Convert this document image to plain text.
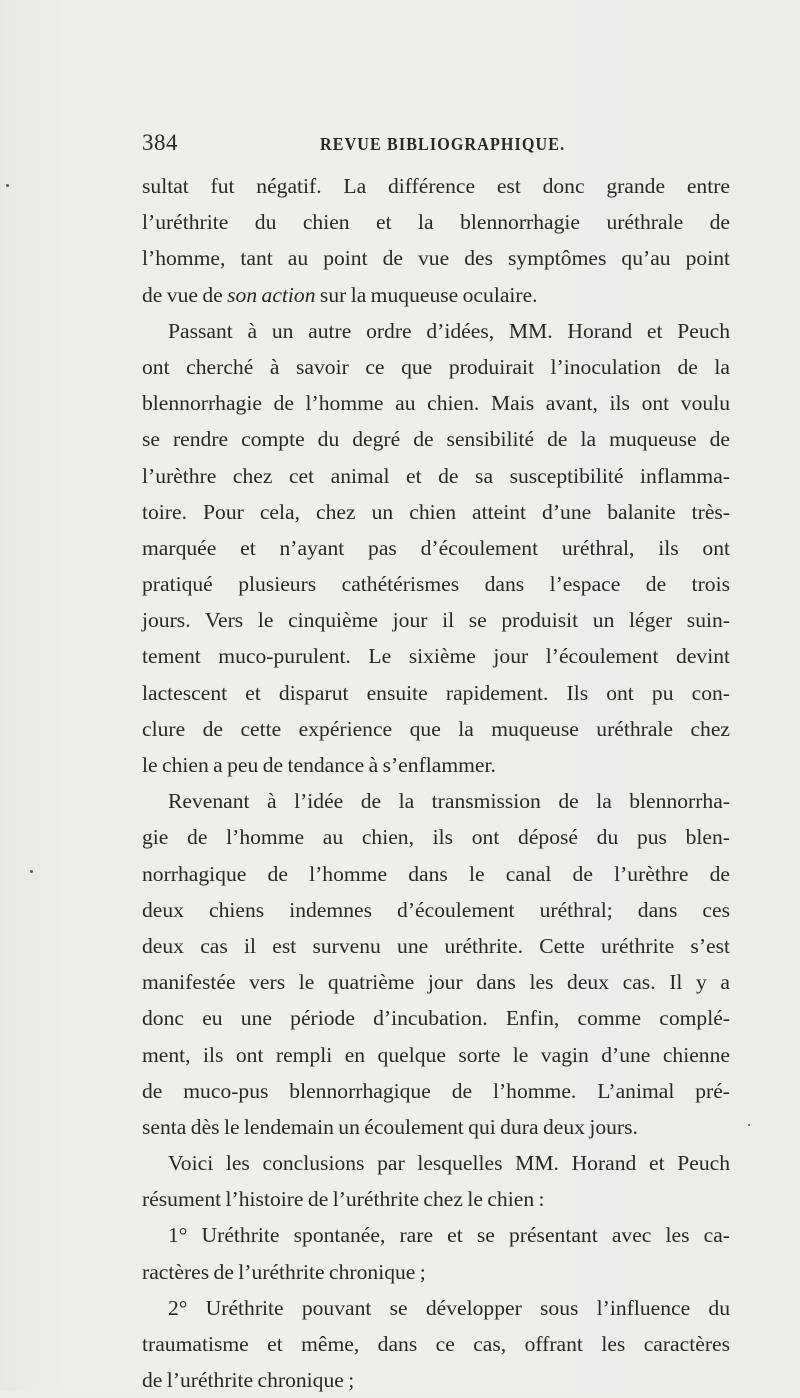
384	REVUE BIBLIOGRAPHIQUE.
sultat fut négatif. La différence est donc grande entre
l’uréthrite du chien et la blennorrhagie uréthrale de
l’homme, tant au point de vue des symptômes qu’au point
de vue de son action sur la muqueuse oculaire.
Passant à un autre ordre d’idées, MM. Horand et Peuch
ont cherché à savoir ce que produirait l’inoculation de la
blennorrhagie de l’homme au chien. Mais avant, ils ont voulu
se rendre compte du degré de sensibilité de la muqueuse de
l’urèthre chez cet animal et de sa susceptibilité inflamma-
toire. Pour cela, chez un chien atteint d’une balanite très-
marquée et n’ayant pas d’écoulement uréthral, ils ont
pratiqué plusieurs cathétérismes dans l’espace de trois
jours. Vers le cinquième jour il se produisit un léger suin-
tement muco-purulent. Le sixième jour l’écoulement devint
lactescent et disparut ensuite rapidement. Ils ont pu con-
clure de cette expérience que la muqueuse uréthrale chez
le chien a peu de tendance à s’enflammer.
Revenant à l’idée de la transmission de la blennorrha-
gie de l’homme au chien, ils ont déposé du pus blen-
norrhagique de l’homme dans le canal de l’urèthre de
deux chiens indemnes d’écoulement uréthral; dans ces
deux cas il est survenu une uréthrite. Cette uréthrite s’est
manifestée vers le quatrième jour dans les deux cas. Il y a
donc eu une période d’incubation. Enfin, comme complé-
ment, ils ont rempli en quelque sorte le vagin d’une chienne
de muco-pus blennorrhagique de l’homme. L’animal pré-
senta dès le lendemain un écoulement qui dura deux jours.
Voici les conclusions par lesquelles MM. Horand et Peuch
résument l’histoire de l’uréthrite chez le chien :
1° Uréthrite spontanée, rare et se présentant avec les ca-
ractères de l’uréthrite chronique ;
2° Uréthrite pouvant se développer sous l’influence du
traumatisme et même, dans ce cas, offrant les caractères
de l’uréthrite chronique ;
